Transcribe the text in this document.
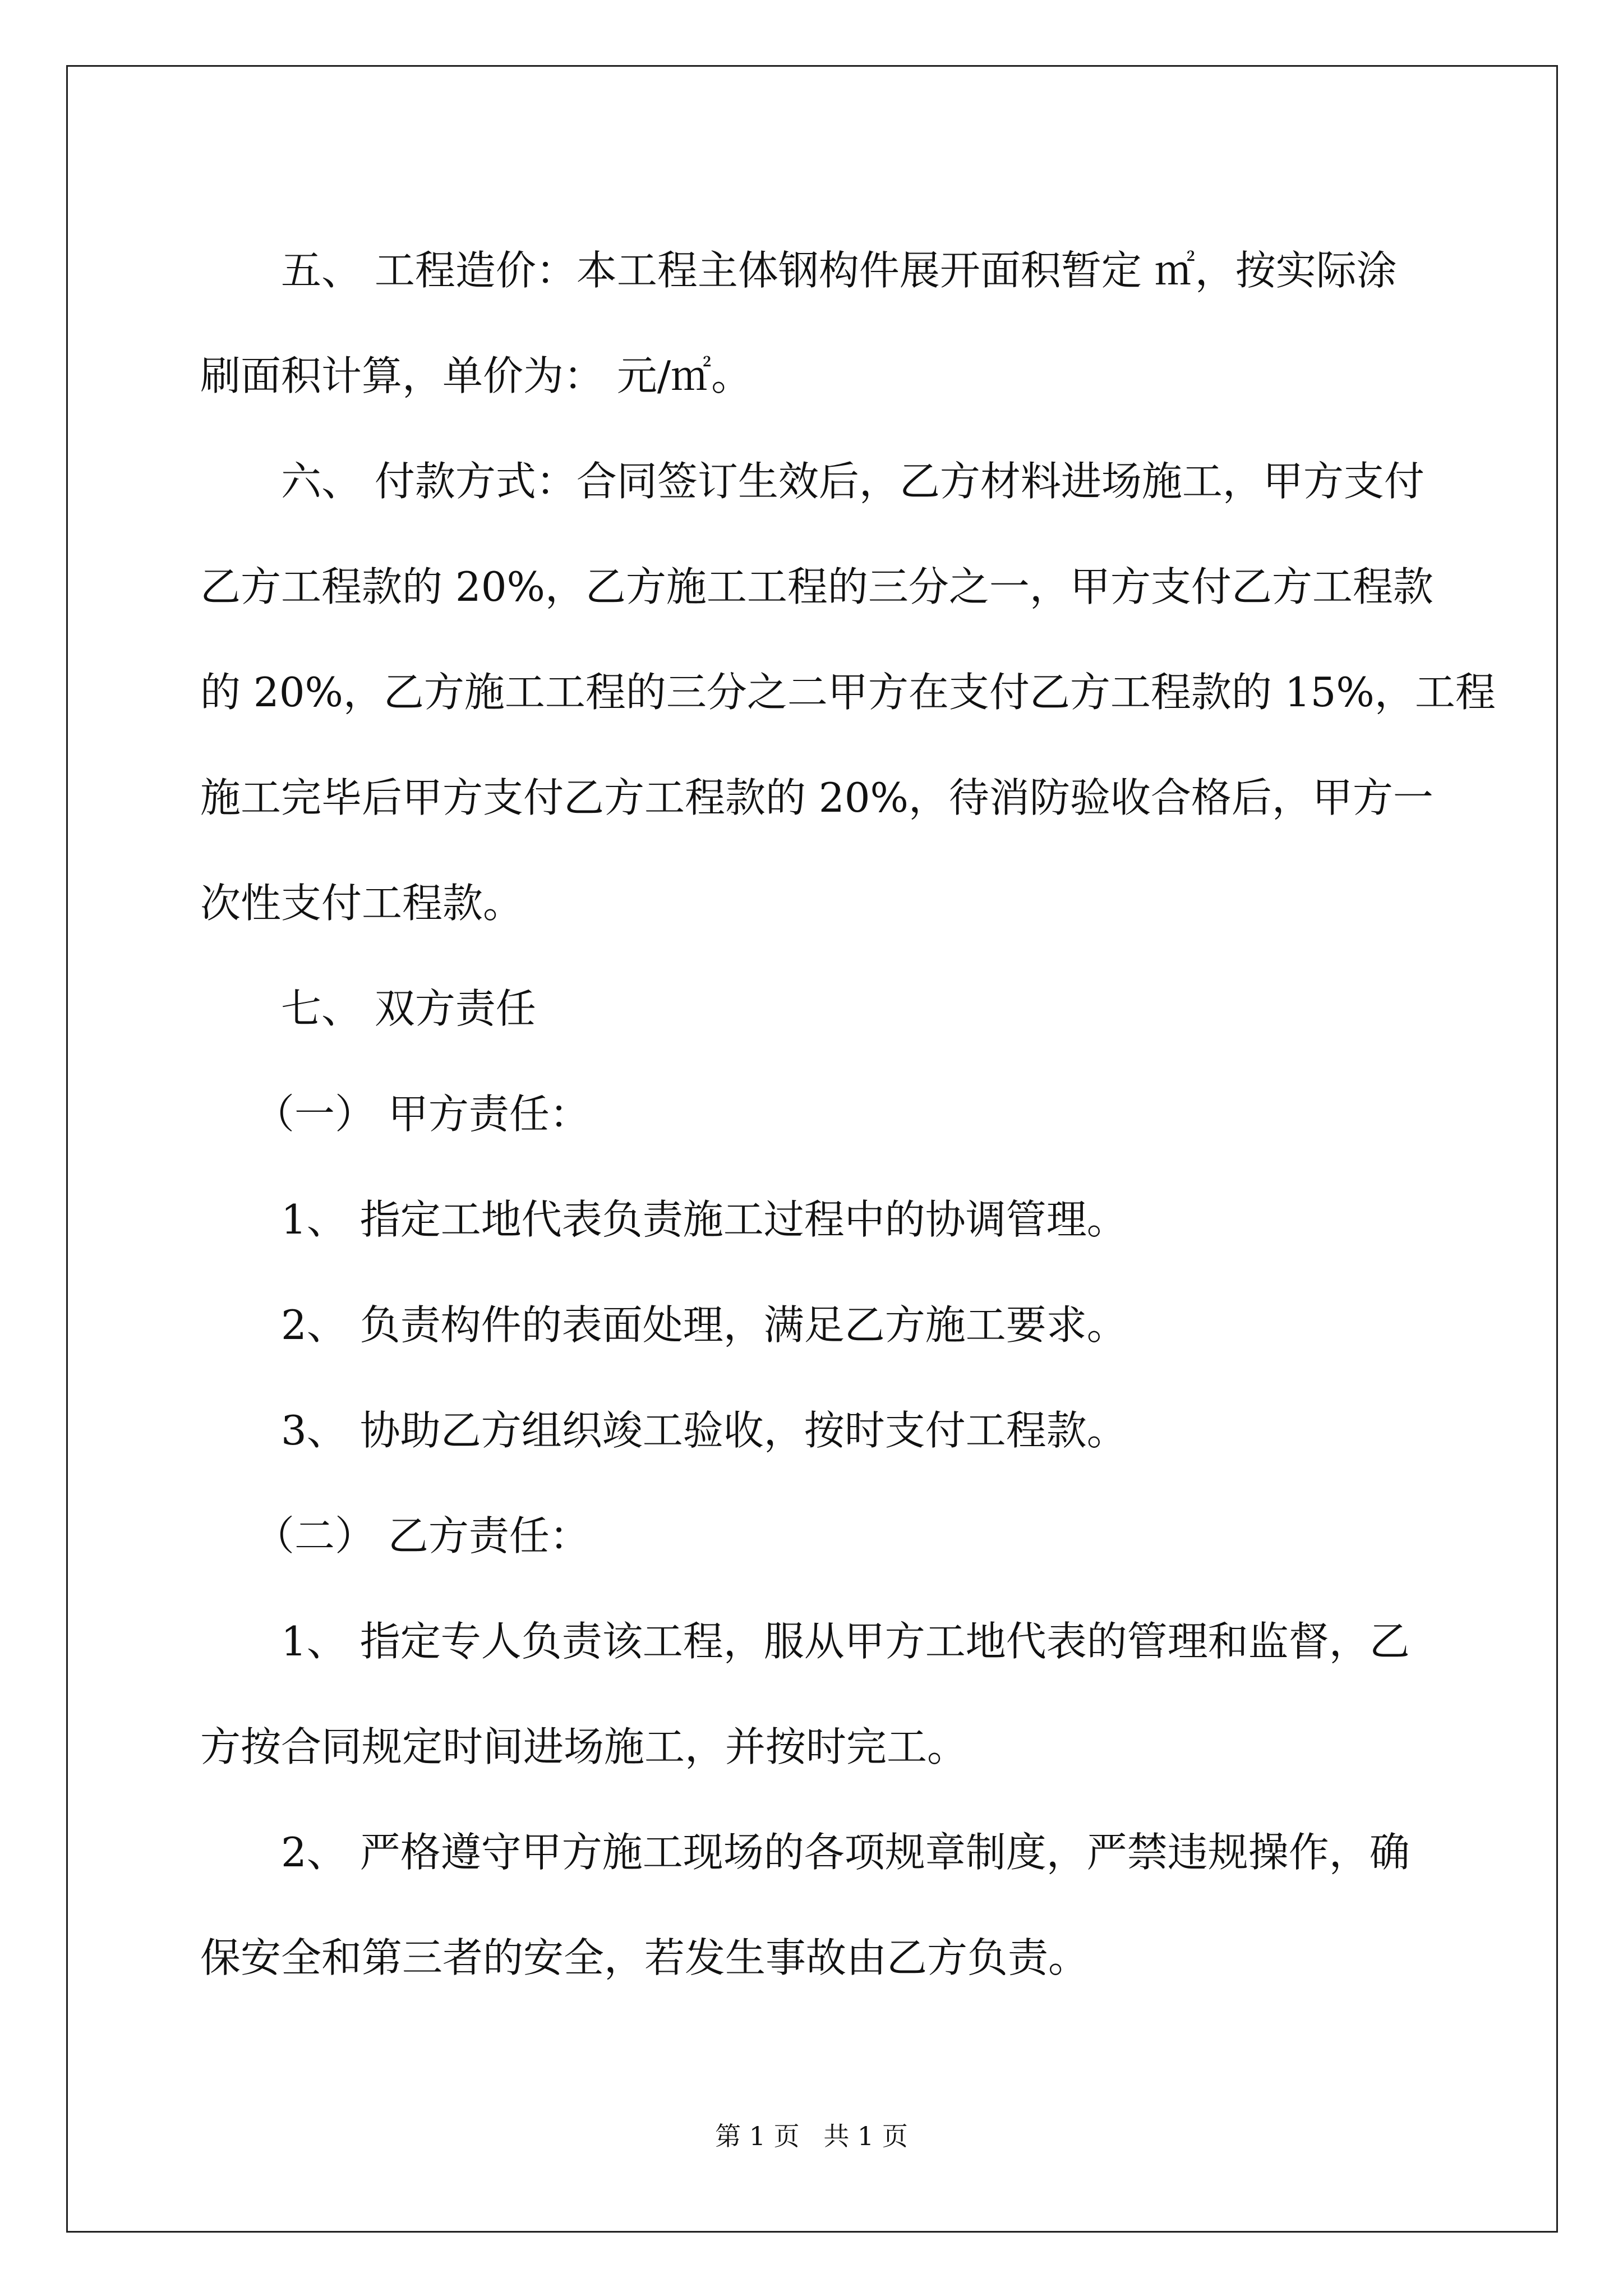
五、 工程造价：本工程主体钢构件展开面积暂定 ㎡，按实际涂

刷面积计算，单价为： 元/㎡。

六、 付款方式：合同签订生效后，乙方材料进场施工，甲方支付

乙方工程款的 20%，乙方施工工程的三分之一，甲方支付乙方工程款

的 20%，乙方施工工程的三分之二甲方在支付乙方工程款的 15%，工程

施工完毕后甲方支付乙方工程款的 20%，待消防验收合格后，甲方一

次性支付工程款。

七、 双方责任

（一） 甲方责任：

1、 指定工地代表负责施工过程中的协调管理。

2、 负责构件的表面处理，满足乙方施工要求。

3、 协助乙方组织竣工验收，按时支付工程款。

（二） 乙方责任：

1、 指定专人负责该工程，服从甲方工地代表的管理和监督，乙

方按合同规定时间进场施工，并按时完工。

2、 严格遵守甲方施工现场的各项规章制度，严禁违规操作，确

保安全和第三者的安全，若发生事故由乙方负责。

第 1 页 共 1 页
